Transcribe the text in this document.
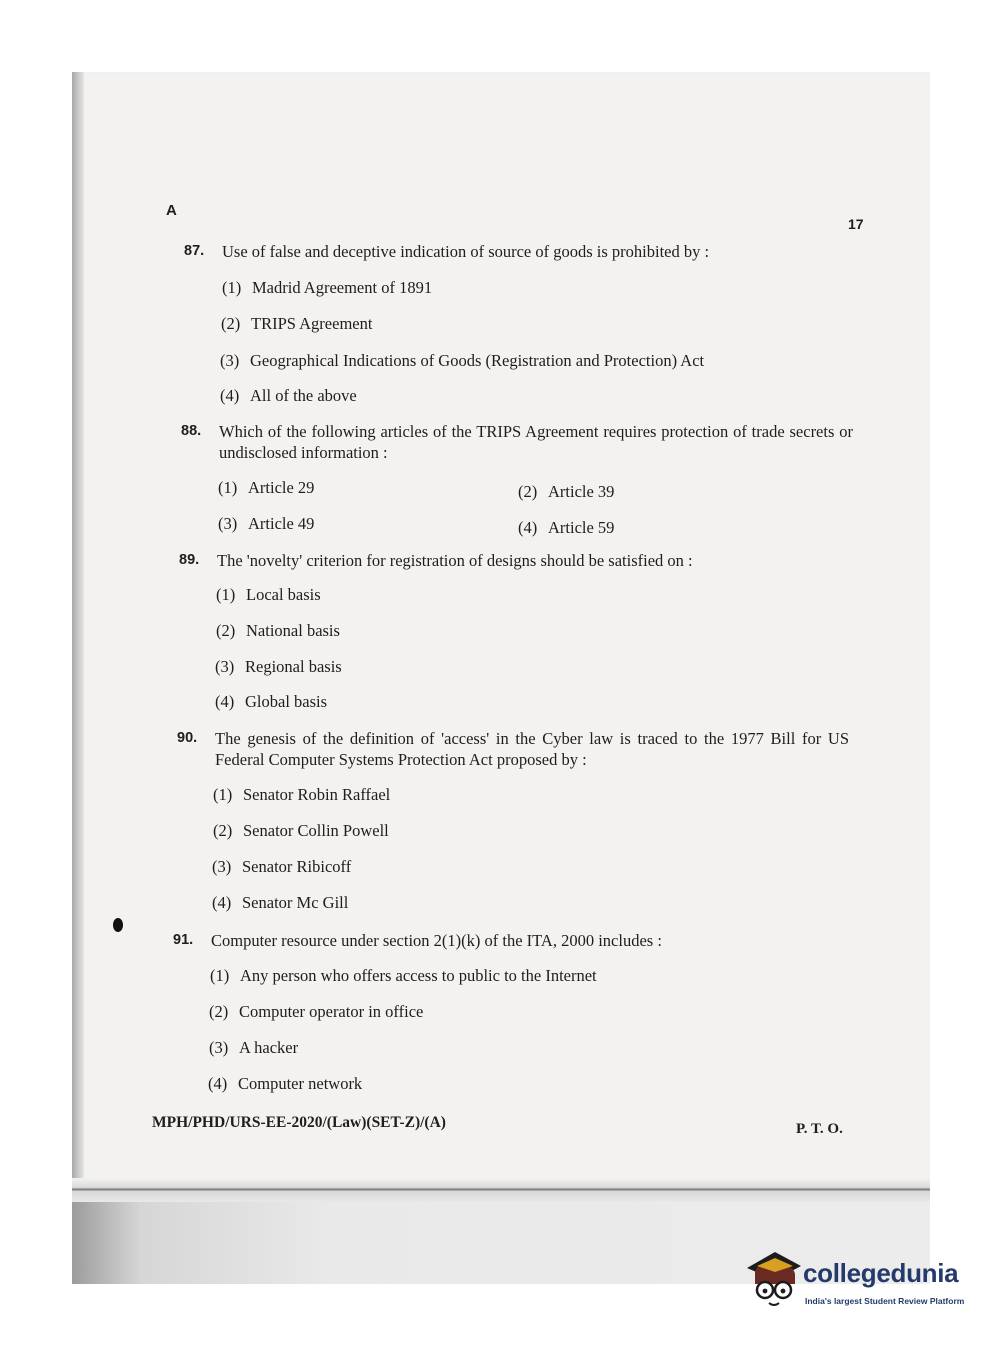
A
17
87. Use of false and deceptive indication of source of goods is prohibited by :
(1) Madrid Agreement of 1891
(2) TRIPS Agreement
(3) Geographical Indications of Goods (Registration and Protection) Act
(4) All of the above
88. Which of the following articles of the TRIPS Agreement requires protection of trade secrets or undisclosed information :
(1) Article 29	(2) Article 39
(3) Article 49	(4) Article 59
89. The 'novelty' criterion for registration of designs should be satisfied on :
(1) Local basis
(2) National basis
(3) Regional basis
(4) Global basis
90. The genesis of the definition of 'access' in the Cyber law is traced to the 1977 Bill for US Federal Computer Systems Protection Act proposed by :
(1) Senator Robin Raffael
(2) Senator Collin Powell
(3) Senator Ribicoff
(4) Senator Mc Gill
91. Computer resource under section 2(1)(k) of the ITA, 2000 includes :
(1) Any person who offers access to public to the Internet
(2) Computer operator in office
(3) A hacker
(4) Computer network
MPH/PHD/URS-EE-2020/(Law)(SET-Z)/(A)	P. T. O.
collegedunia
India's largest Student Review Platform
